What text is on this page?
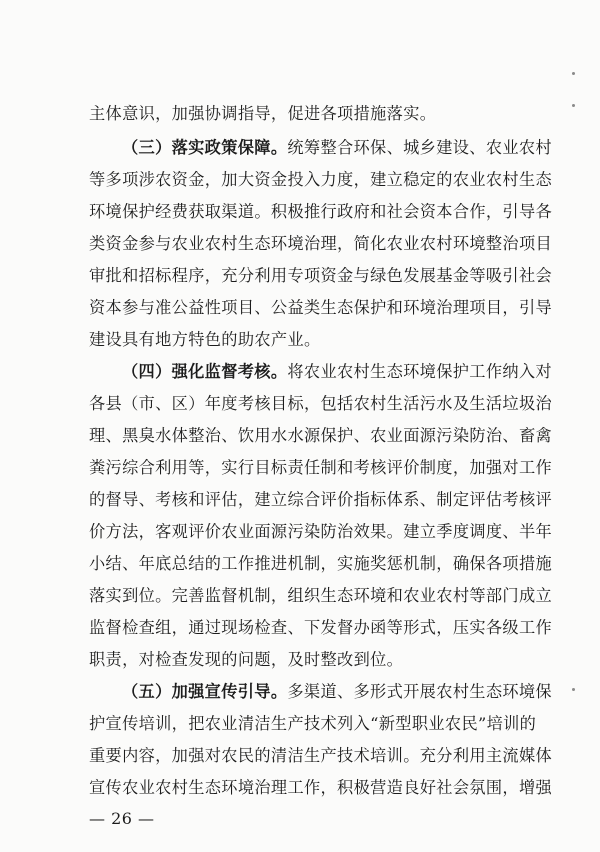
主体意识，加强协调指导，促进各项措施落实。
（三）落实政策保障。统筹整合环保、城乡建设、农业农村
等多项涉农资金，加大资金投入力度，建立稳定的农业农村生态
环境保护经费获取渠道。积极推行政府和社会资本合作，引导各
类资金参与农业农村生态环境治理，简化农业农村环境整治项目
审批和招标程序，充分利用专项资金与绿色发展基金等吸引社会
资本参与准公益性项目、公益类生态保护和环境治理项目，引导
建设具有地方特色的助农产业。
（四）强化监督考核。将农业农村生态环境保护工作纳入对
各县（市、区）年度考核目标，包括农村生活污水及生活垃圾治
理、黑臭水体整治、饮用水水源保护、农业面源污染防治、畜禽
粪污综合利用等，实行目标责任制和考核评价制度，加强对工作
的督导、考核和评估，建立综合评价指标体系、制定评估考核评
价方法，客观评价农业面源污染防治效果。建立季度调度、半年
小结、年底总结的工作推进机制，实施奖惩机制，确保各项措施
落实到位。完善监督机制，组织生态环境和农业农村等部门成立
监督检查组，通过现场检查、下发督办函等形式，压实各级工作
职责，对检查发现的问题，及时整改到位。
（五）加强宣传引导。多渠道、多形式开展农村生态环境保
护宣传培训，把农业清洁生产技术列入“新型职业农民”培训的
重要内容，加强对农民的清洁生产技术培训。充分利用主流媒体
宣传农业农村生态环境治理工作，积极营造良好社会氛围，增强
— 26 —
